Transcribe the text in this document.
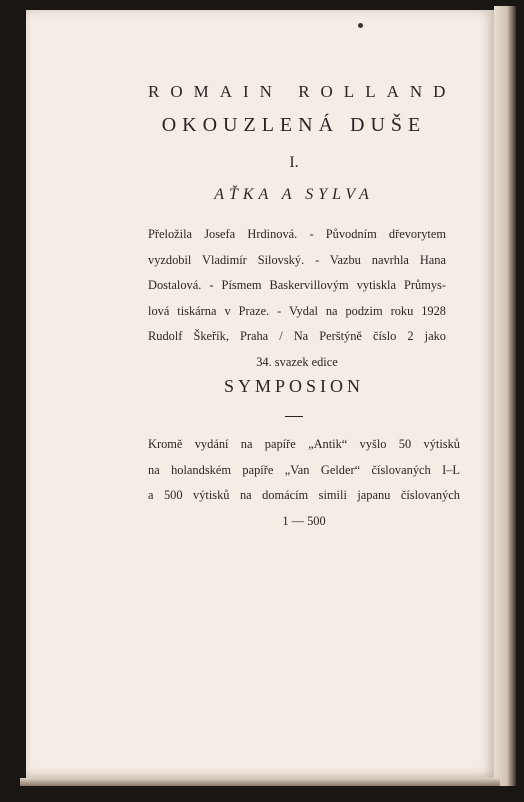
ROMAIN ROLLAND
OKOUZLENÁ DUŠE
I.
AŤKA A SYLVA
Přeložila Josefa Hrdinová. - Původním dřevorytem
vyzdobil Vladimír Silovský. - Vazbu navrhla Hana
Dostalová. - Písmem Baskervillovým vytiskla Průmys-
lová tiskárna v Praze. - Vydal na podzim roku 1928
Rudolf Škeřík, Praha / Na Perštýně číslo 2 jako
34. svazek edice
SYMPOSION
Kromě vydání na papíře „Antik“ vyšlo 50 výtisků
na holandském papíře „Van Gelder“ číslovaných I–L
a 500 výtisků na domácím simili japanu číslovaných
1 — 500
